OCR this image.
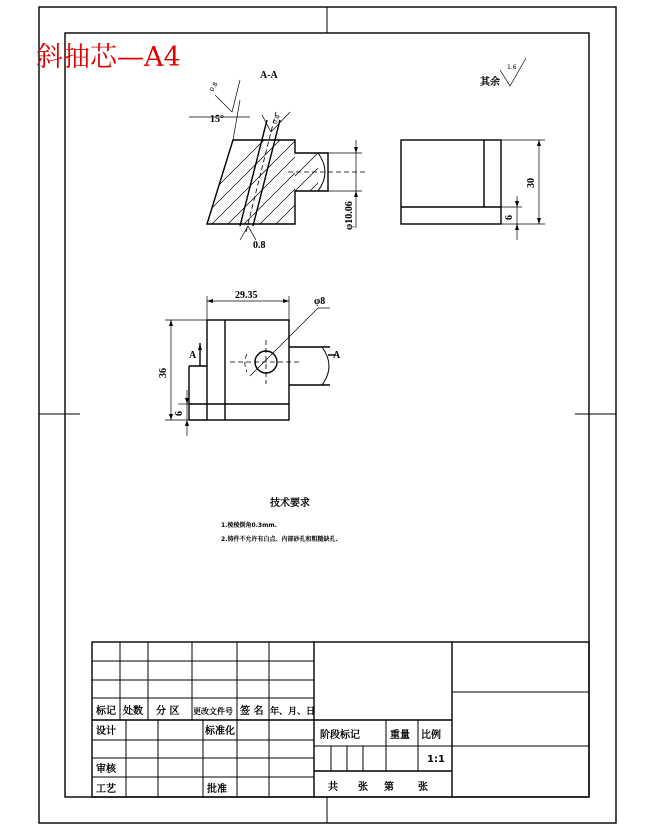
斜抽芯—A4
其余
1.6
A-A
15°
0.8
0.8
0.8
φ10.06
30
6
φ8
29.35
36
6
A	A
技术要求
1.棱棱倒角0.3mm.
2.铸件不允许有白点、内部砂孔和粗糙缺孔.
标记 处数 分 区 更改文件号 签 名 年、月、日
设计	标准化
审核
工艺	批准
阶段标记	重量 比例
1:1
共 张 第 张
